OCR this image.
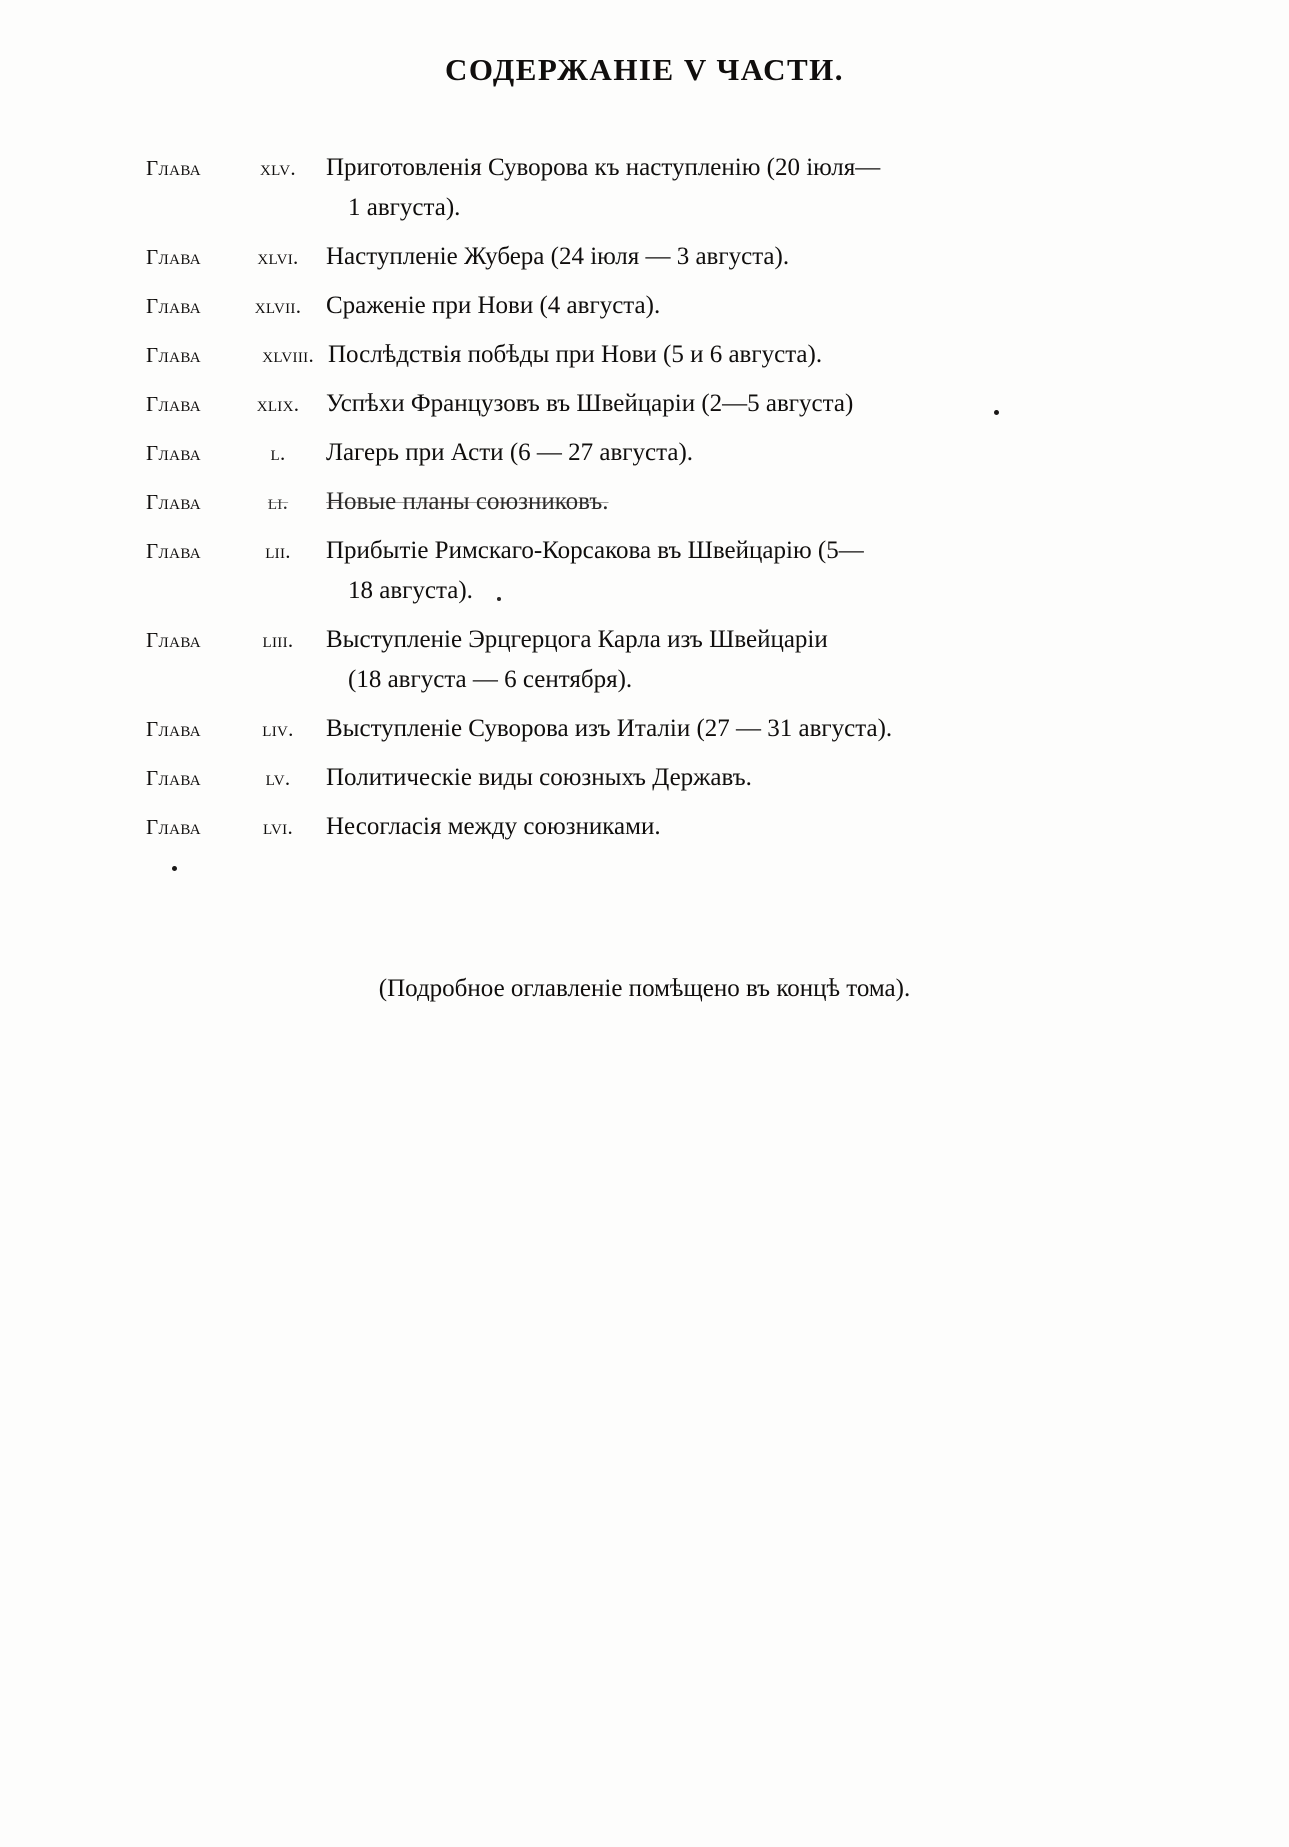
СОДЕРЖАНIЕ V ЧАСТИ.
Глава	xlv.	Приготовленія Суворова къ наступленію (20 іюля—
1 августа).
Глава	xlvi.	Наступленіе Жубера (24 іюля — 3 августа).
Глава	xlvii. Сраженіе при Нови (4 августа).
Глава	xlviii. Послѣдствія побѣды при Нови (5 и 6 августа).
Глава	xlix.	Успѣхи Французовъ въ Швейцаріи (2—5 августа)
Глава	l.	Лагерь при Асти (6 — 27 августа).
Глава	li.	Новые планы союзниковъ.
Глава	lii.	Прибытіе Римскаго-Корсакова въ Швейцарію (5—
18 августа).
Глава	liii.	Выступленіе Эрцгерцога Карла изъ Швейцаріи
(18 августа — 6 сентября).
Глава	liv.	Выступленіе Суворова изъ Италіи (27 — 31 августа).
Глава	lv.	Политическіе виды союзныхъ Державъ.
Глава	lvi.	Несогласія между союзниками.
(Подробное оглавленіе помѣщено въ концѣ тома).
